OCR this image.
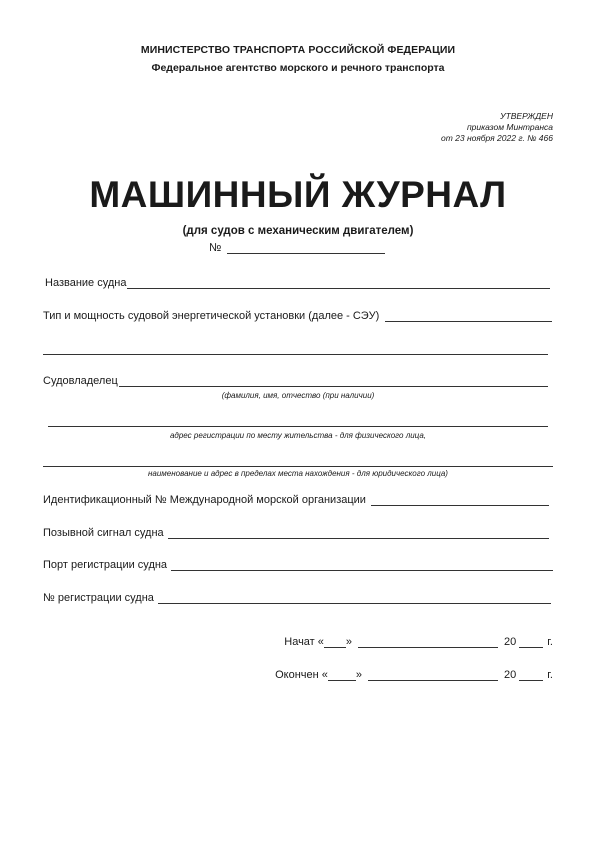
МИНИСТЕРСТВО ТРАНСПОРТА РОССИЙСКОЙ ФЕДЕРАЦИИ
Федеральное агентство морского и речного транспорта
УТВЕРЖДЕН
приказом Минтранса
от 23 ноября 2022 г. № 466
МАШИННЫЙ ЖУРНАЛ
(для судов с механическим двигателем)
№
Название судна
Тип и мощность судовой энергетической установки (далее - СЭУ)
Судовладелец
(фамилия, имя, отчество (при наличии)
адрес регистрации по месту жительства - для физического лица,
наименование и адрес в пределах места нахождения - для юридического лица)
Идентификационный № Международной морской организации
Позывной сигнал судна
Порт регистрации судна
№ регистрации судна
Начат « »	20	г.
Окончен «	»	20	г.
